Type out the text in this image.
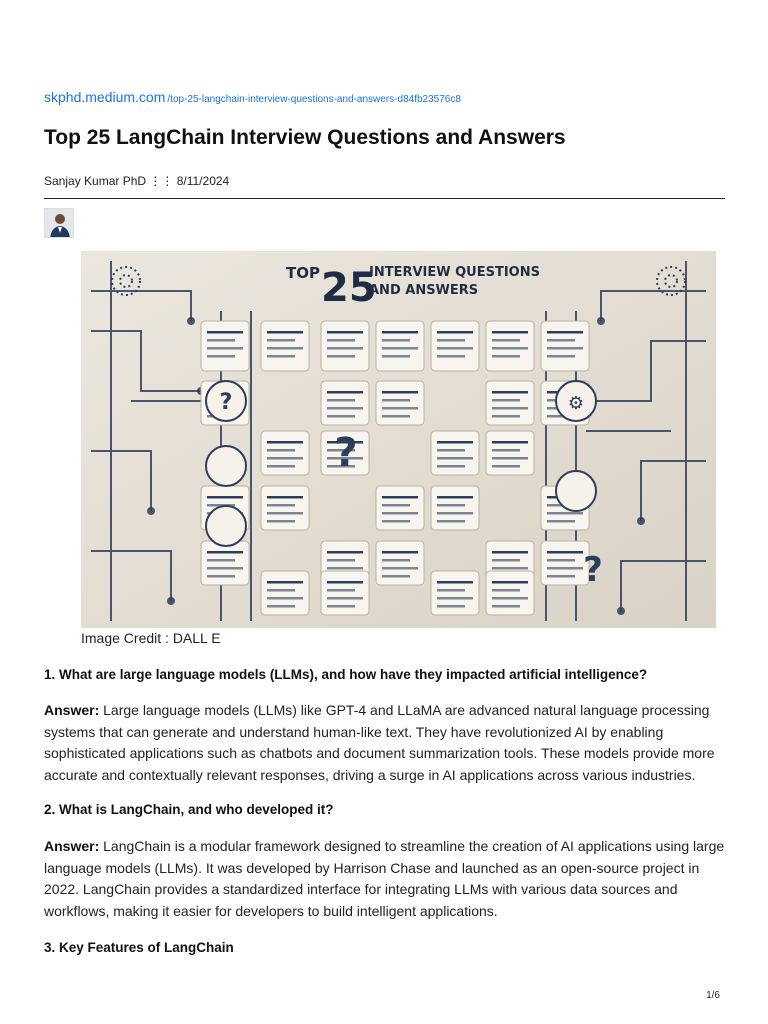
skphd.medium.com /top-25-langchain-interview-questions-and-answers-d84fb23576c8
Top 25 LangChain Interview Questions and Answers
Sanjay Kumar PhD ⋮⋮ 8/11/2024
TOP 25
INTERVIEW QUESTIONS
AND ANSWERS
?	⚙
?
?
Image Credit : DALL E
1. What are large language models (LLMs), and how have they impacted artificial intelligence?
Answer: Large language models (LLMs) like GPT-4 and LLaMA are advanced natural language processing systems that can generate and understand human-like text. They have revolutionized AI by enabling sophisticated applications such as chatbots and document summarization tools. These models provide more accurate and contextually relevant responses, driving a surge in AI applications across various industries.
2. What is LangChain, and who developed it?
Answer: LangChain is a modular framework designed to streamline the creation of AI applications using large language models (LLMs). It was developed by Harrison Chase and launched as an open-source project in 2022. LangChain provides a standardized interface for integrating LLMs with various data sources and workflows, making it easier for developers to build intelligent applications.
3. Key Features of LangChain
1/6
